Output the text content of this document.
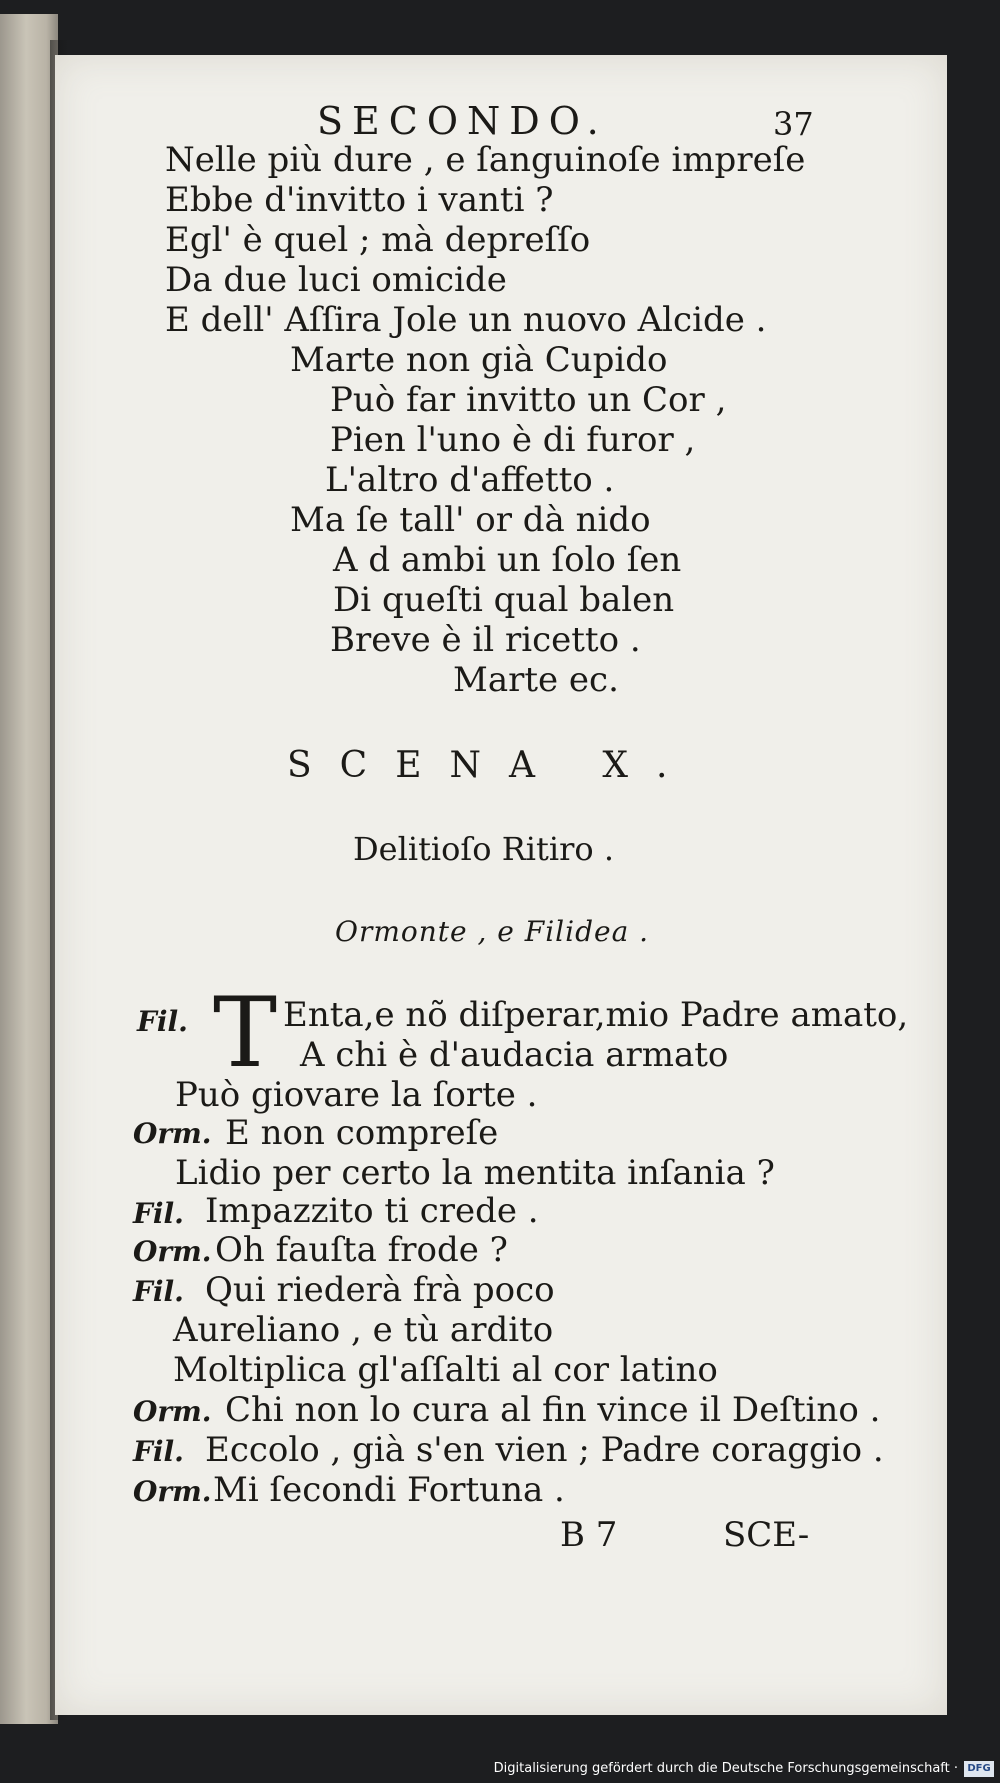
SECONDO.	37
Nelle più dure , e ſanguinoſe impreſe
Ebbe d'invitto i vanti ?
Egl' è quel ; mà depreſſo
Da due luci omicide
E dell' Aſſira Jole un nuovo Alcide .
Marte non già Cupido
Può far invitto un Cor ,
Pien l'uno è di furor ,
L'altro d'affetto .
Ma ſe tall' or dà nido
A d ambi un ſolo ſen
Di queſti qual balen
Breve è il ricetto .
Marte ec.
SCENA X.
Delitioſo Ritiro .
Ormonte , e Filidea .
Fil. T Enta,e nõ diſperar,mio Padre amato,
A chi è d'audacia armato
Può giovare la ſorte .
Orm. E non compreſe
Lidio per certo la mentita inſania ?
Fil. Impazzito ti crede .
Orm. Oh fauſta frode ?
Fil. Qui riederà frà poco
Aureliano , e tù ardito
Moltiplica gl'aſſalti al cor latino
Orm. Chi non lo cura al fin vince il Deſtino .
Fil. Eccolo , già s'en vien ; Padre coraggio .
Orm. Mi ſecondi Fortuna .
B 7	SCE-
Digitalisierung gefördert durch die Deutsche Forschungsgemeinschaft · DFG
